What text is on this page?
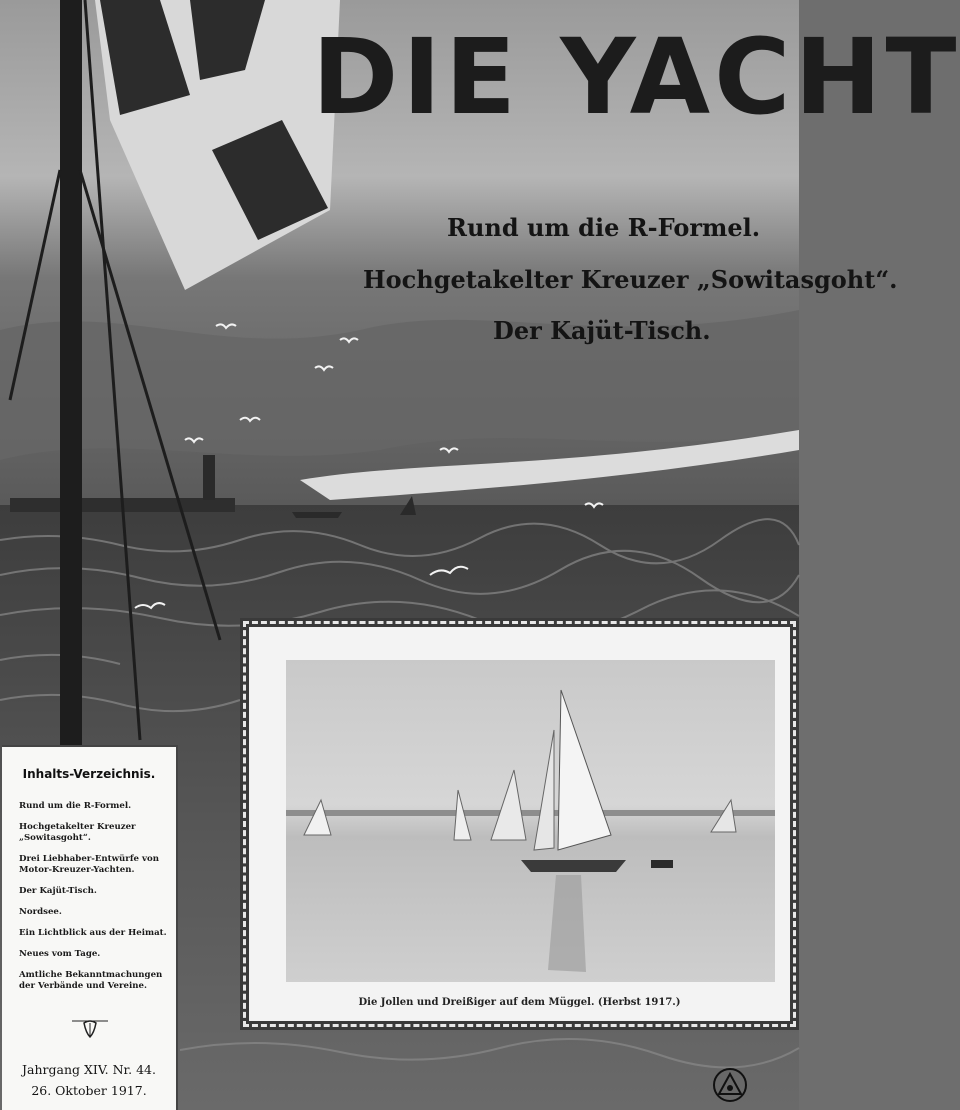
DIE YACHT
Rund um die R-Formel.
Hochgetakelter Kreuzer „Sowitasgoht“.
Der Kajüt-Tisch.
Die Jollen und Dreißiger auf dem Müggel. (Herbst 1917.)
Inhalts-Verzeichnis.
Rund um die R-Formel.
Hochgetakelter Kreuzer
„Sowitasgoht“.
Drei Liebhaber-Entwürfe von
Motor-Kreuzer-Yachten.
Der Kajüt-Tisch.
Nordsee.
Ein Lichtblick aus der Heimat.
Neues vom Tage.
Amtliche Bekanntmachungen
der Verbände und Vereine.
Jahrgang XIV. Nr. 44.
26. Oktober 1917.
